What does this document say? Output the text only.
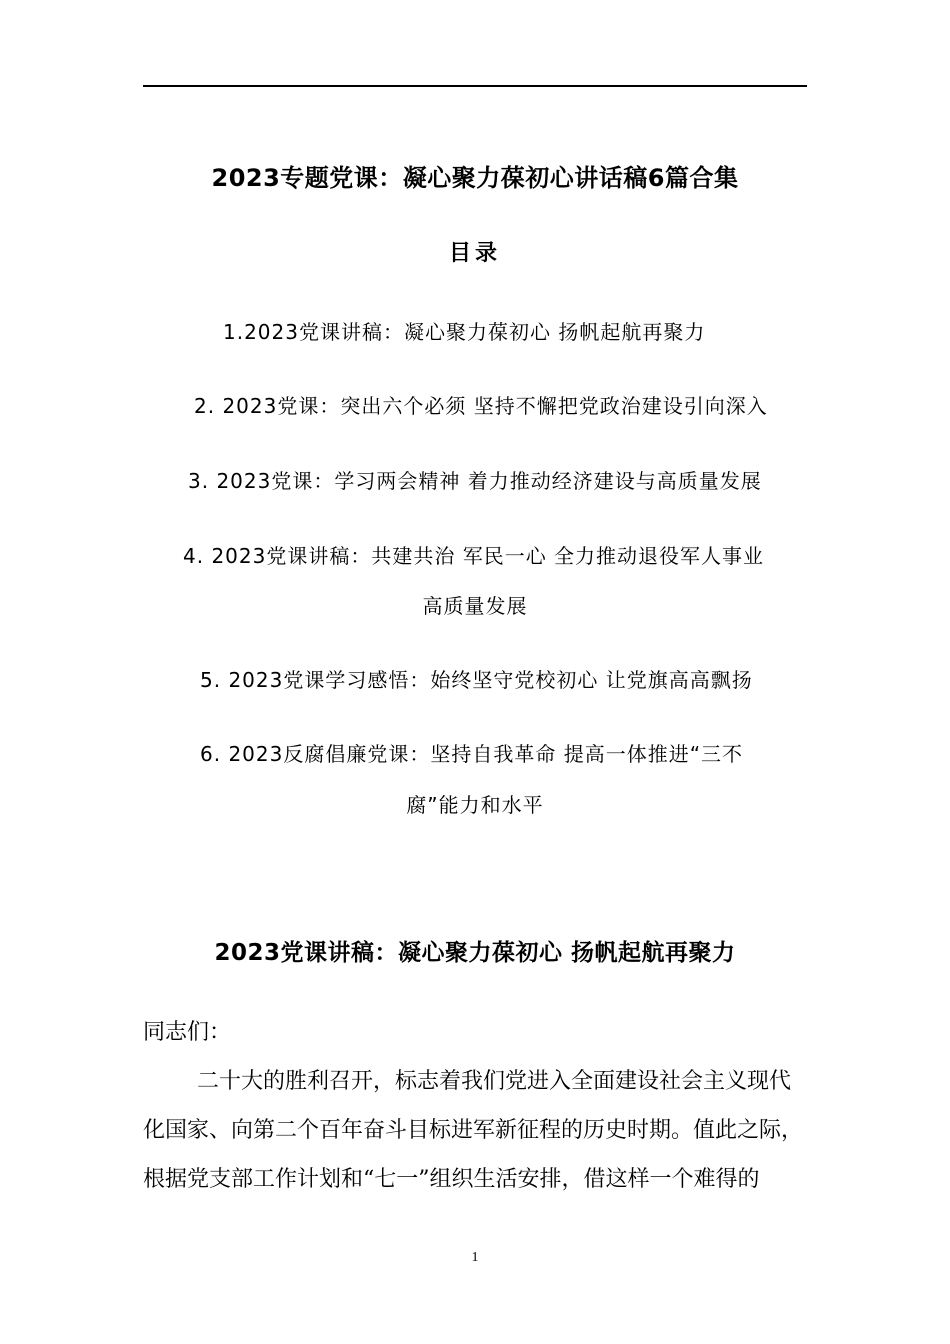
2023专题党课：凝心聚力葆初心讲话稿6篇合集
目录
1.2023党课讲稿：凝心聚力葆初心 扬帆起航再聚力
2. 2023党课：突出六个必须 坚持不懈把党政治建设引向深入
3. 2023党课：学习两会精神 着力推动经济建设与高质量发展
4. 2023党课讲稿：共建共治 军民一心 全力推动退役军人事业
高质量发展
5. 2023党课学习感悟：始终坚守党校初心 让党旗高高飘扬
6. 2023反腐倡廉党课：坚持自我革命 提高一体推进“三不
腐”能力和水平
2023党课讲稿：凝心聚力葆初心 扬帆起航再聚力
同志们：
二十大的胜利召开，标志着我们党进入全面建设社会主义现代
化国家、向第二个百年奋斗目标进军新征程的历史时期。值此之际，
根据党支部工作计划和“七一”组织生活安排，借这样一个难得的
1
